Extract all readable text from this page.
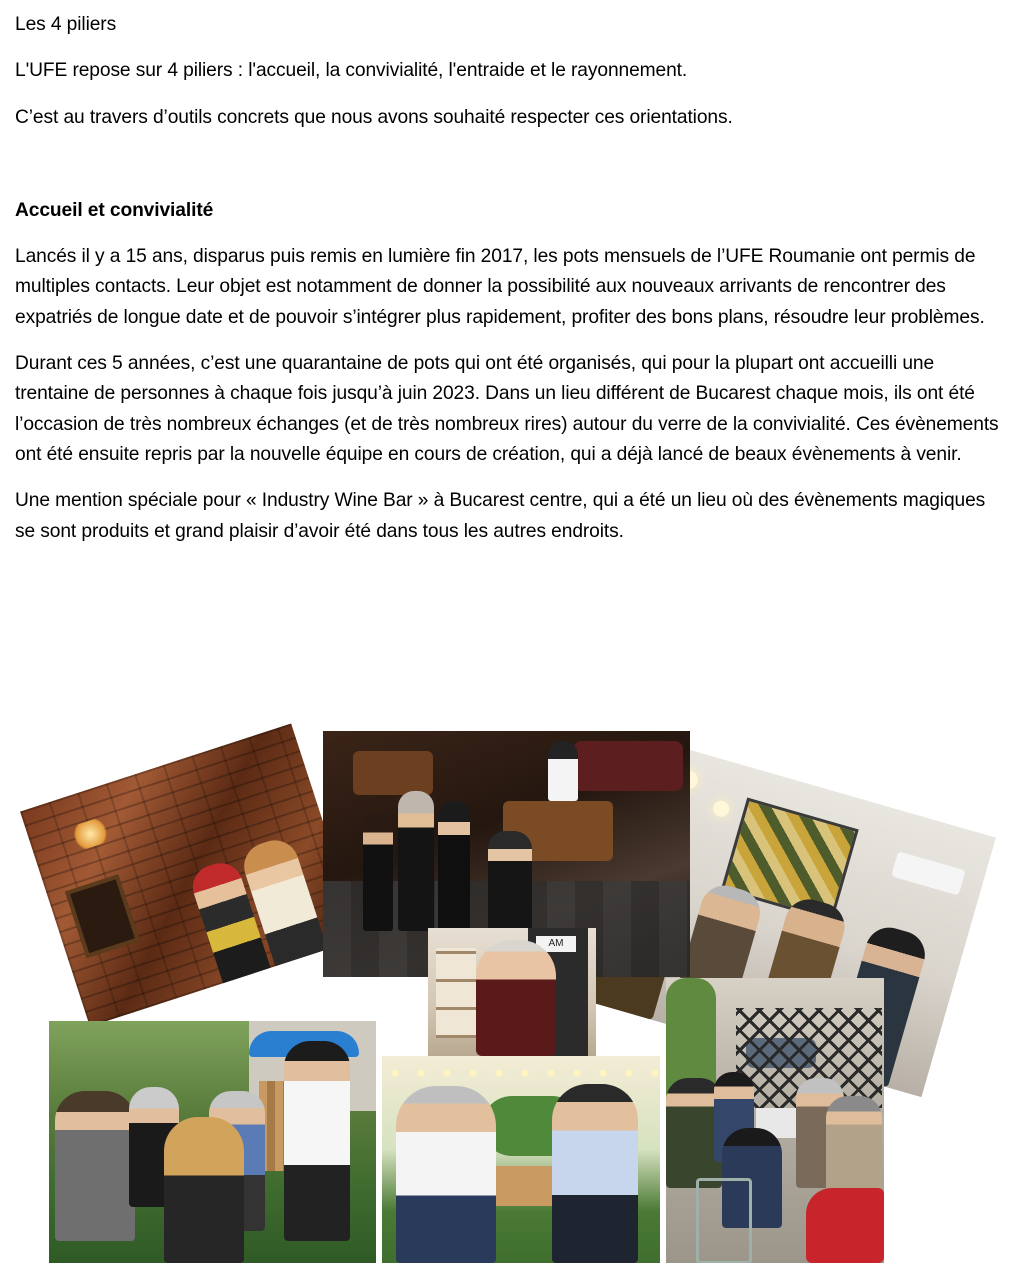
Les 4 piliers

L'UFE repose sur 4 piliers : l'accueil, la convivialité, l'entraide et le rayonnement.

C’est au travers d’outils concrets que nous avons souhaité respecter ces orientations.

Accueil et convivialité

Lancés il y a 15 ans, disparus puis remis en lumière fin 2017, les pots mensuels de l’UFE Roumanie ont permis de multiples contacts. Leur objet est notamment de donner la possibilité aux nouveaux arrivants de rencontrer des expatriés de longue date et de pouvoir s’intégrer plus rapidement, profiter des bons plans, résoudre leur problèmes.

Durant ces 5 années, c’est une quarantaine de pots qui ont été organisés, qui pour la plupart ont accueilli une trentaine de personnes à chaque fois jusqu’à juin 2023. Dans un lieu différent de Bucarest chaque mois, ils ont été l’occasion de très nombreux échanges (et de très nombreux rires) autour du verre de la convivialité. Ces évènements ont été ensuite repris par la nouvelle équipe en cours de création, qui a déjà lancé de beaux évènements à venir.

Une mention spéciale pour « Industry Wine Bar » à Bucarest centre, qui a été un lieu où des évènements magiques se sont produits et grand plaisir d’avoir été dans tous les autres endroits.

AM
